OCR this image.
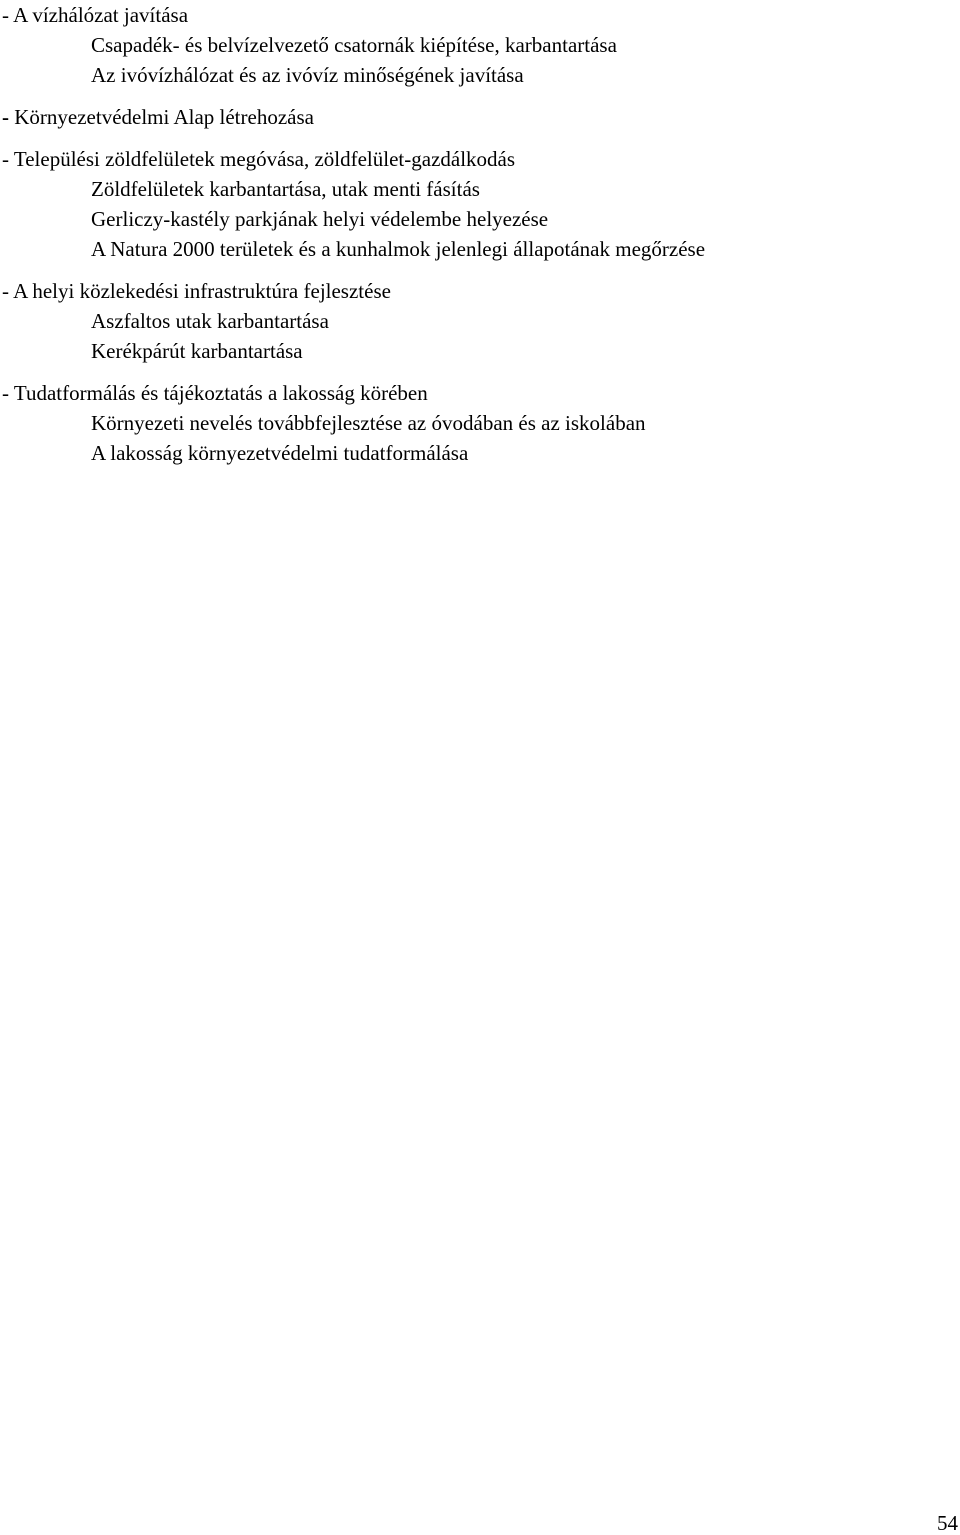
- A vízhálózat javítása

Csapadék- és belvízelvezető csatornák kiépítése, karbantartása

Az ivóvízhálózat és az ivóvíz minőségének javítása

- Környezetvédelmi Alap létrehozása

- Települési zöldfelületek megóvása, zöldfelület-gazdálkodás

Zöldfelületek karbantartása, utak menti fásítás

Gerliczy-kastély parkjának helyi védelembe helyezése

A Natura 2000 területek és a kunhalmok jelenlegi állapotának megőrzése

- A helyi közlekedési infrastruktúra fejlesztése

Aszfaltos utak karbantartása

Kerékpárút karbantartása

- Tudatformálás és tájékoztatás a lakosság körében

Környezeti nevelés továbbfejlesztése az óvodában és az iskolában

A lakosság környezetvédelmi tudatformálása

54
